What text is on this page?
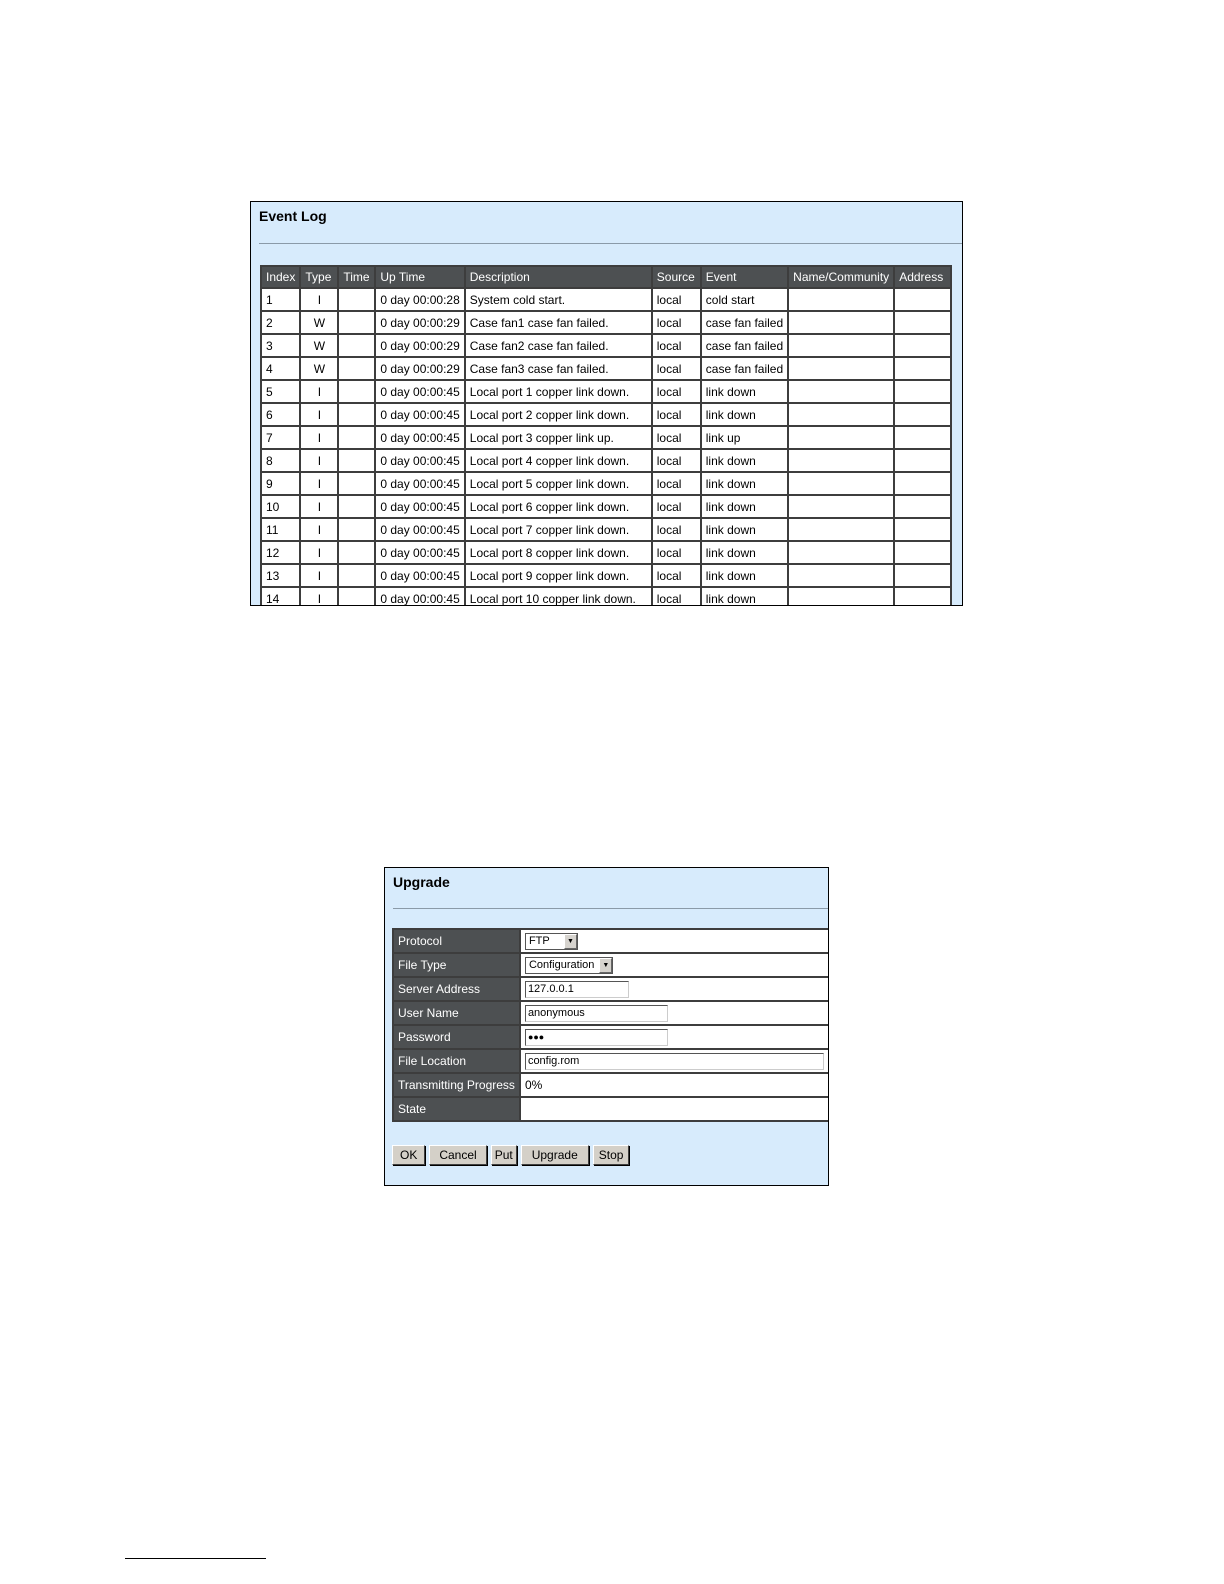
Event Log
Index	Type	Time	Up Time	Description	Source	Event	Name/Community	Address
1	I		0 day 00:00:28	System cold start.	local	cold start		
2	W		0 day 00:00:29	Case fan1 case fan failed.	local	case fan failed		
3	W		0 day 00:00:29	Case fan2 case fan failed.	local	case fan failed		
4	W		0 day 00:00:29	Case fan3 case fan failed.	local	case fan failed		
5	I		0 day 00:00:45	Local port 1 copper link down.	local	link down		
6	I		0 day 00:00:45	Local port 2 copper link down.	local	link down		
7	I		0 day 00:00:45	Local port 3 copper link up.	local	link up		
8	I		0 day 00:00:45	Local port 4 copper link down.	local	link down		
9	I		0 day 00:00:45	Local port 5 copper link down.	local	link down		
10	I		0 day 00:00:45	Local port 6 copper link down.	local	link down		
11	I		0 day 00:00:45	Local port 7 copper link down.	local	link down		
12	I		0 day 00:00:45	Local port 8 copper link down.	local	link down		
13	I		0 day 00:00:45	Local port 9 copper link down.	local	link down		
14	I		0 day 00:00:45	Local port 10 copper link down.	local	link down		
Upgrade
Protocol	FTP ▼

File Type	Configuration ▼

Server Address	127.0.0.1
User Name	anonymous
Password	●●●
File Location	config.rom
Transmitting Progress	0%
State	
OK	Cancel	Put	Upgrade	Stop
